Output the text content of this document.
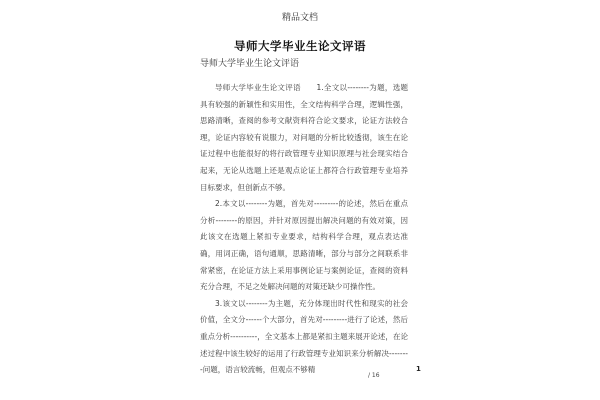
精品文档
导师大学毕业生论文评语
导师大学毕业生论文评语

导师大学毕业生论文评语　　1.全文以--------为题，选题具有较强的新颖性和实用性，全文结构科学合理，逻辑性强，思路清晰，查阅的参考文献资料符合论文要求，论证方法较合理，论证内容较有说服力，对问题的分析比较透彻，该生在论证过程中也能很好的将行政管理专业知识原理与社会现实结合起来，无论从选题上还是观点论证上都符合行政管理专业培养目标要求，但创新点不够。

2.本文以--------为题，首先对---------的论述，然后在重点分析--------的原因，并针对原因提出解决问题的有效对策，因此该文在选题上紧扣专业要求，结构科学合理，观点表达准确，用词正确，语句通顺，思路清晰，部分与部分之间联系非常紧密，在论证方法上采用事例论证与案例论证，查阅的资料充分合理，不足之处解决问题的对策还缺少可操作性。

3.该文以--------为主题，充分体现出时代性和现实的社会价值，全文分------个大部分，首先对---------进行了论述，然后重点分析----------，全文基本上都是紧扣主题来展开论述，在论述过程中该生较好的运用了行政管理专业知识来分析解决--------问题，语言较流畅，但观点不够精	1
/ 16
